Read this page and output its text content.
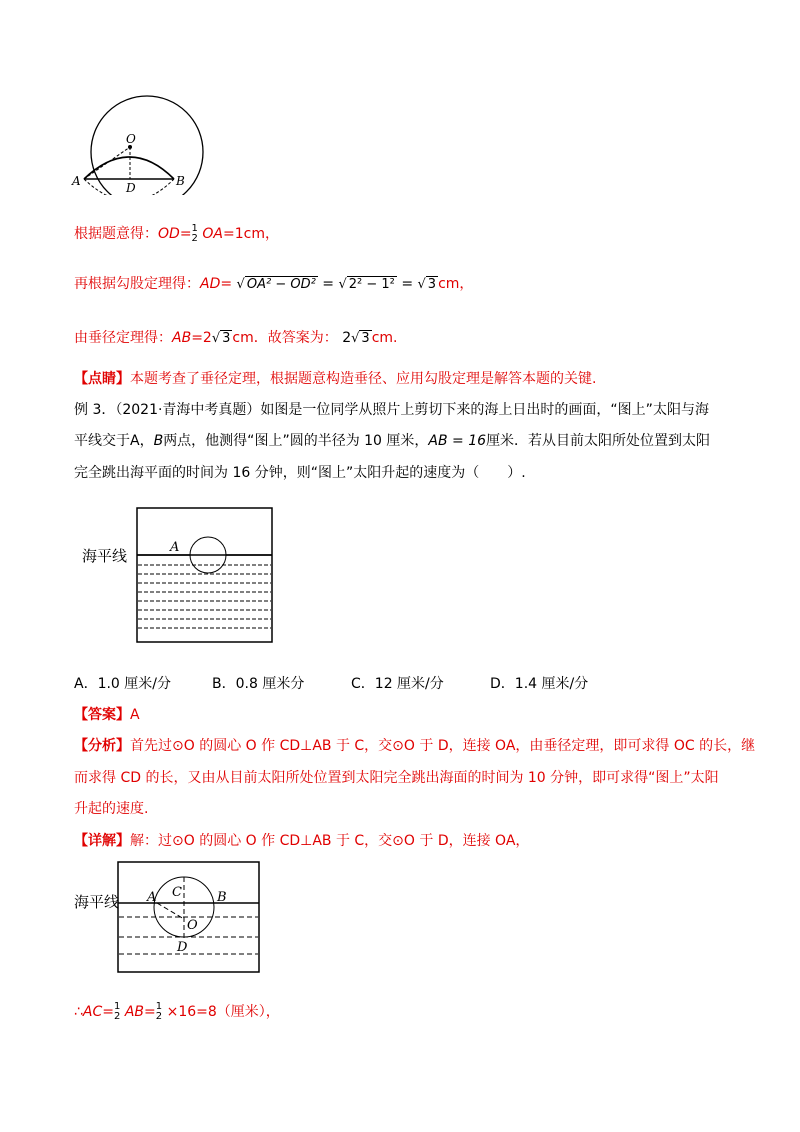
O
A	B
D
根据题意得：OD= 1
2 OA=1cm，
再根据勾股定理得：AD= √ OA² − OD² = √ 2² − 1² = √ 3 cm，
由垂径定理得：AB=2√ 3 cm．故答案为： 2√ 3 cm.
【点睛】本题考查了垂径定理，根据题意构造垂径、应用勾股定理是解答本题的关键.
例 3．（2021·青海中考真题）如图是一位同学从照片上剪切下来的海上日出时的画面，“图上”太阳与海
平线交于A，B两点，他测得“图上”圆的半径为 10 厘米，AB = 16厘米．若从目前太阳所处位置到太阳
完全跳出海平面的时间为 16 分钟，则“图上”太阳升起的速度为（　　）.
海平线	A
A．1.0 厘米/分	B．0.8 厘米分	C．12 厘米/分	D．1.4 厘米/分
【答案】A
【分析】首先过⊙O 的圆心 O 作 CD⊥AB 于 C，交⊙O 于 D，连接 OA，由垂径定理，即可求得 OC 的长，继
而求得 CD 的长，又由从目前太阳所处位置到太阳完全跳出海面的时间为 10 分钟，即可求得“图上”太阳
升起的速度.
【详解】解：过⊙O 的圆心 O 作 CD⊥AB 于 C，交⊙O 于 D，连接 OA，
海平线 A C	B
O
D
∴AC= 1
2 AB= 1
2 ×16=8（厘米），
